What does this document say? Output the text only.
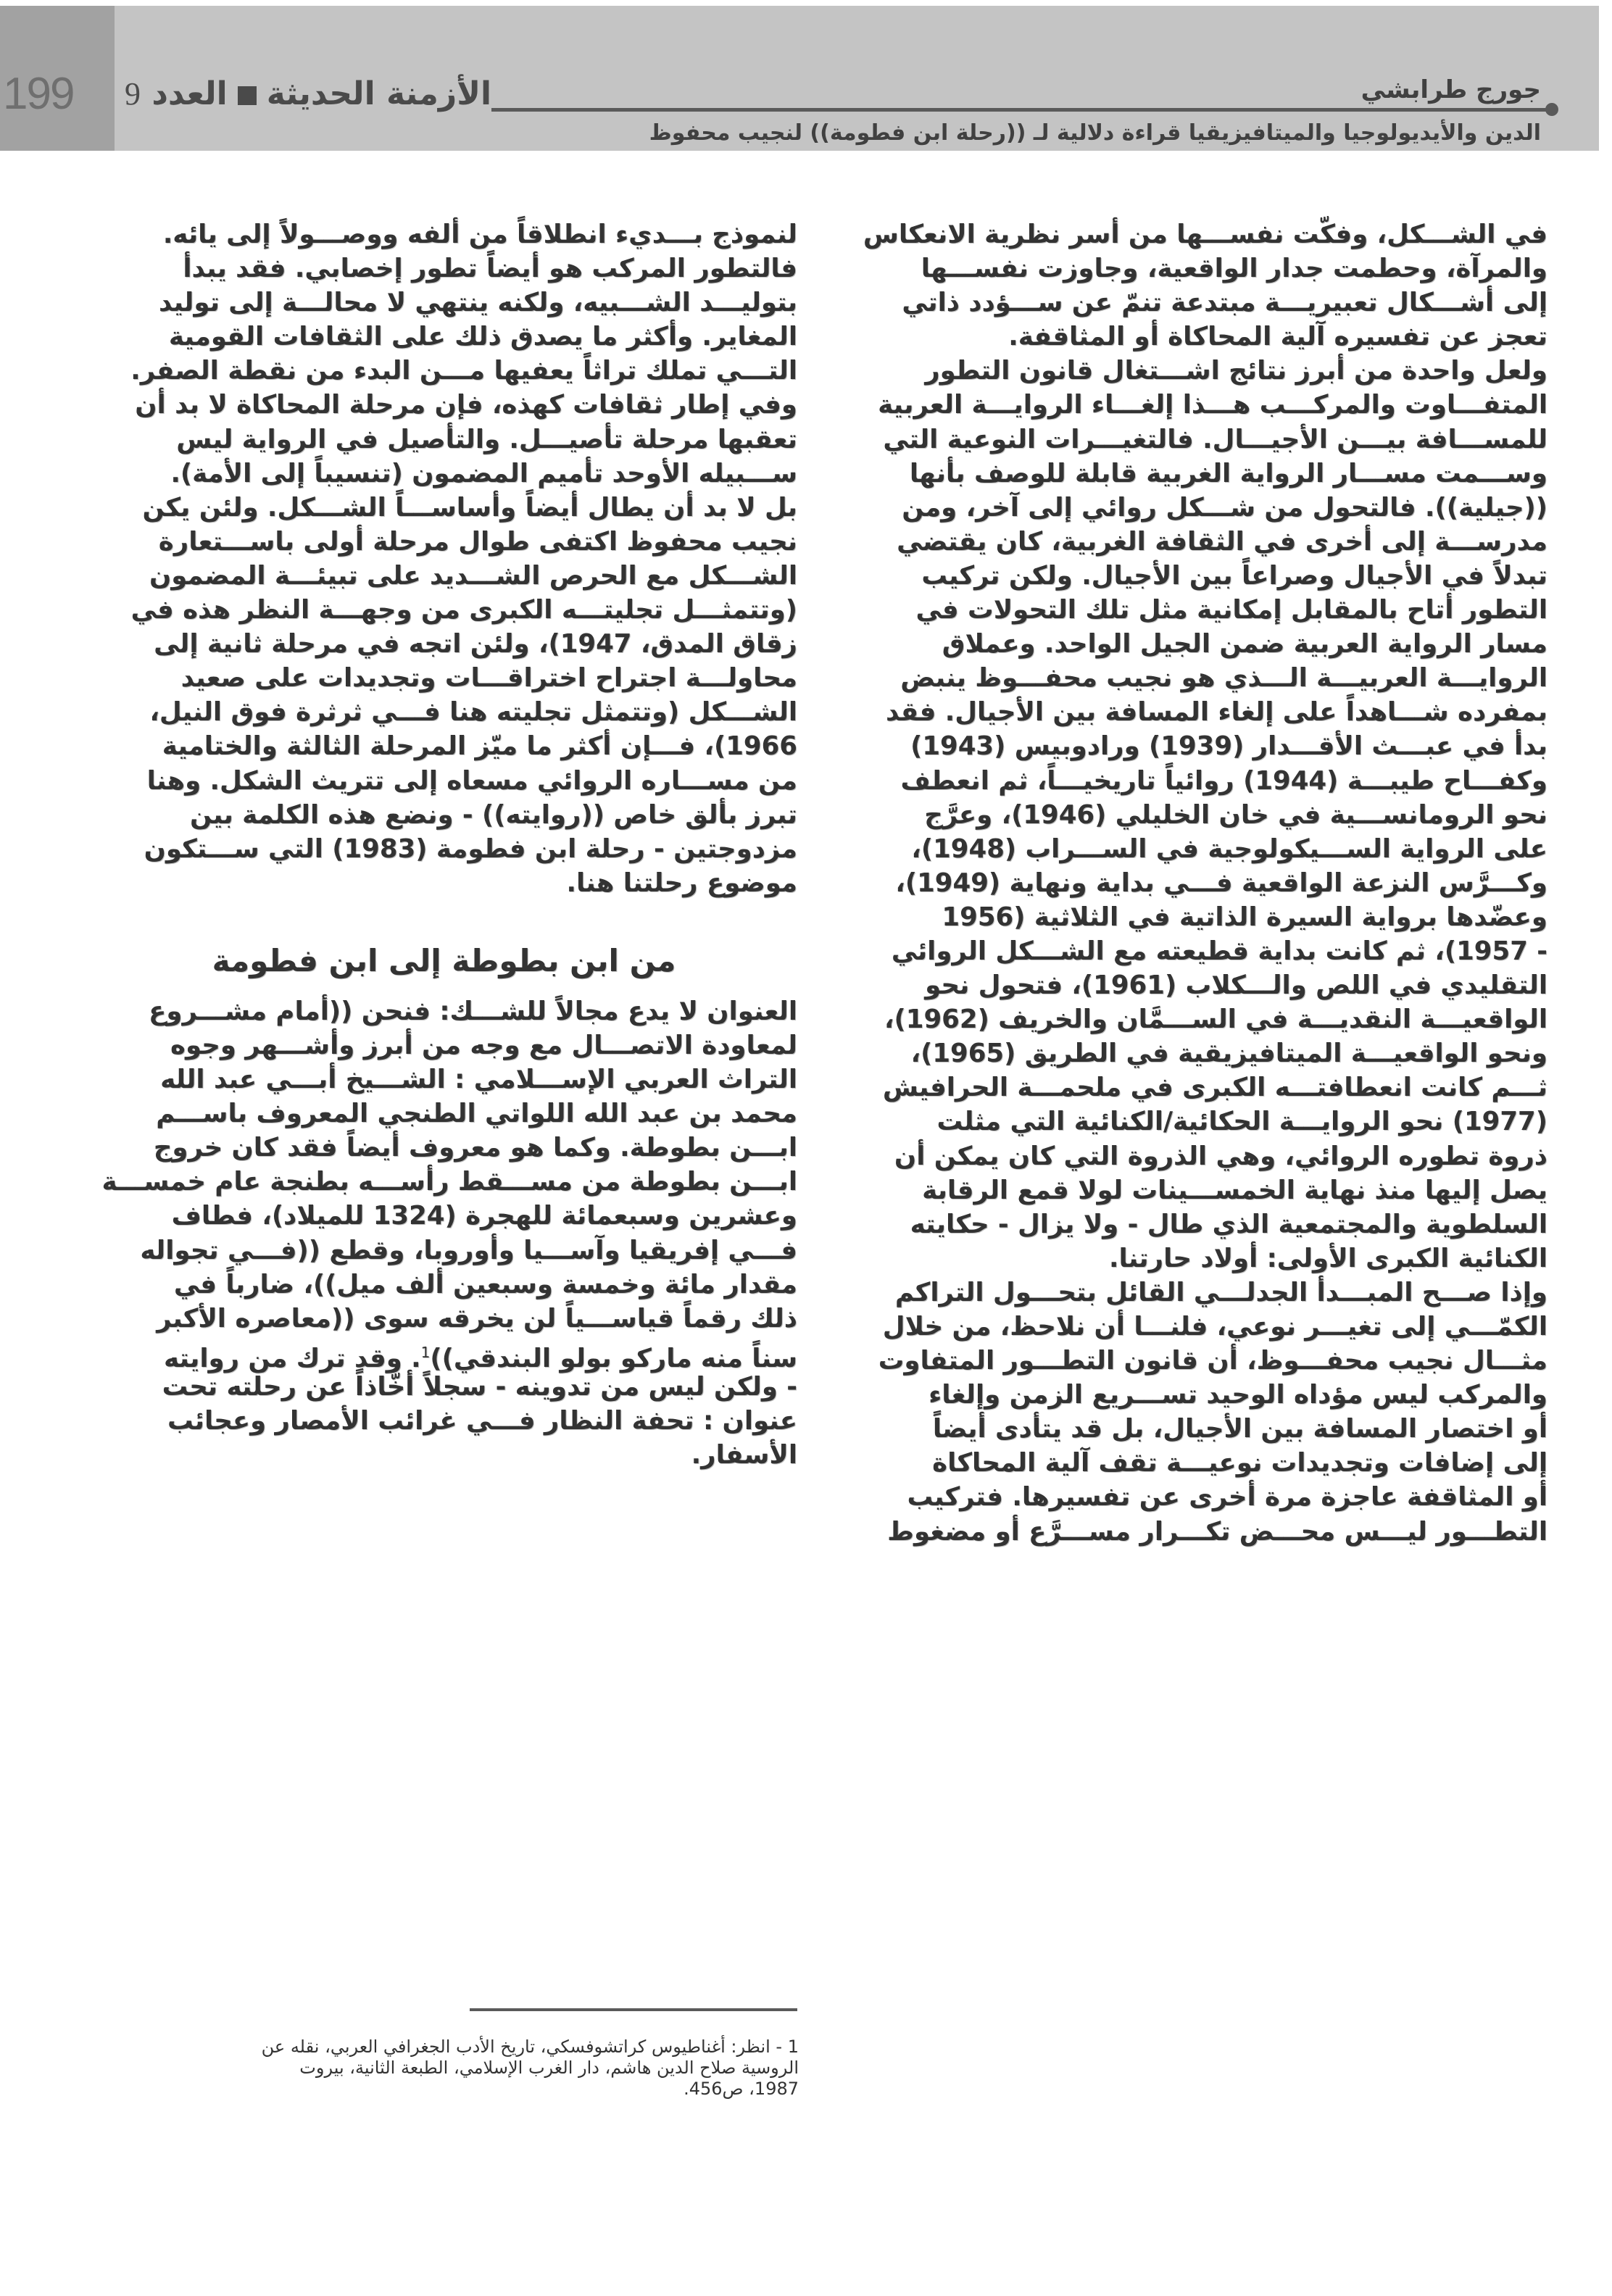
199	الأزمنة الحديثةالعدد 9	جورج طرابشي
الدين والأيديولوجيا والميتافيزيقيا قراءة دلالية لـ ((رحلة ابن فطومة)) لنجيب محفوظ
في الشـــكل، وفكّت نفســـها من أسر نظرية الانعكاس
والمرآة، وحطمت جدار الواقعية، وجاوزت نفســـها
إلى أشـــكال تعبيريـــة مبتدعة تنمّ عن ســـؤدد ذاتي
تعجز عن تفسيره آلية المحاكاة أو المثاقفة.
ولعل واحدة من أبرز نتائج اشـــتغال قانون التطور
المتفـــاوت والمركـــب هـــذا إلغـــاء الروايـــة العربية
للمســـافة بيـــن الأجيـــال. فالتغيـــرات النوعية التي
وســـمت مســـار الرواية الغربية قابلة للوصف بأنها
((جيلية)). فالتحول من شـــكل روائي إلى آخر، ومن
مدرســـة إلى أخرى في الثقافة الغربية، كان يقتضي
تبدلاً في الأجيال وصراعاً بين الأجيال. ولكن تركيب
التطور أتاح بالمقابل إمكانية مثل تلك التحولات في
مسار الرواية العربية ضمن الجيل الواحد. وعملاق
الروايـــة العربيـــة الـــذي هو نجيب محفـــوظ ينبض
بمفرده شـــاهداً على إلغاء المسافة بين الأجيال. فقد
بدأ في عبـــث الأقـــدار (1939) ورادوبيس (1943)
وكفـــاح طيبـــة (1944) روائياً تاريخيـــاً، ثم انعطف
نحو الرومانســـية في خان الخليلي (1946)، وعرَّج
على الرواية الســـيكولوجية في الســـراب (1948)،
وكـــرَّس النزعة الواقعية فـــي بداية ونهاية (1949)،
وعضّدها برواية السيرة الذاتية في الثلاثية (1956
- 1957)، ثم كانت بداية قطيعته مع الشـــكل الروائي
التقليدي في اللص والـــكلاب (1961)، فتحول نحو
الواقعيـــة النقديـــة في الســـمَّان والخريف (1962)،
ونحو الواقعيـــة الميتافيزيقية في الطريق (1965)،
ثـــم كانت انعطافتـــه الكبرى في ملحمـــة الحرافيش
(1977) نحو الروايـــة الحكائية/الكنائية التي مثلت
ذروة تطوره الروائي، وهي الذروة التي كان يمكن أن
يصل إليها منذ نهاية الخمســـينات لولا قمع الرقابة
السلطوية والمجتمعية الذي طال - ولا يزال - حكايته
الكنائية الكبرى الأولى: أولاد حارتنا.
وإذا صـــح المبـــدأ الجدلـــي القائل بتحـــول التراكم
الكمّـــي إلى تغيـــر نوعي، فلنـــا أن نلاحظ، من خلال
مثـــال نجيب محفـــوظ، أن قانون التطـــور المتفاوت
والمركب ليس مؤداه الوحيد تســـريع الزمن وإلغاء
أو اختصار المسافة بين الأجيال، بل قد يتأدى أيضاً
إلى إضافات وتجديدات نوعيـــة تقف آلية المحاكاة
أو المثاقفة عاجزة مرة أخرى عن تفسيرها. فتركيب
التطـــور ليـــس محـــض تكـــرار مســـرَّع أو مضغوط
لنموذج بـــديء انطلاقاً من ألفه ووصـــولاً إلى يائه.
فالتطور المركب هو أيضاً تطور إخصابي. فقد يبدأ
بتوليـــد الشـــبيه، ولكنه ينتهي لا محالـــة إلى توليد
المغاير. وأكثر ما يصدق ذلك على الثقافات القومية
التـــي تملك تراثاً يعفيها مـــن البدء من نقطة الصفر.
وفي إطار ثقافات كهذه، فإن مرحلة المحاكاة لا بد أن
تعقبها مرحلة تأصيـــل. والتأصيل في الرواية ليس
ســـبيله الأوحد تأميم المضمون (تنسيباً إلى الأمة).
بل لا بد أن يطال أيضاً وأساســـاً الشـــكل. ولئن يكن
نجيب محفوظ اكتفى طوال مرحلة أولى باســـتعارة
الشـــكل مع الحرص الشـــديد على تبيئـــة المضمون
(وتتمثـــل تجليتـــه الكبرى من وجهـــة النظر هذه في
زقاق المدق، 1947)، ولئن اتجه في مرحلة ثانية إلى
محاولـــة اجتراح اختراقـــات وتجديدات على صعيد
الشـــكل (وتتمثل تجليته هنا فـــي ثرثرة فوق النيل،
1966)، فـــإن أكثر ما ميّز المرحلة الثالثة والختامية
من مســـاره الروائي مسعاه إلى تتريث الشكل. وهنا
تبرز بألق خاص ((روايته)) - ونضع هذه الكلمة بين
مزدوجتين - رحلة ابن فطومة (1983) التي ســـتكون
موضوع رحلتنا هنا.
من ابن بطوطة إلى ابن فطومة
العنوان لا يدع مجالاً للشـــك: فنحن ((أمام مشـــروع
لمعاودة الاتصـــال مع وجه من أبرز وأشـــهر وجوه
التراث العربي الإســـلامي : الشـــيخ أبـــي عبد الله
محمد بن عبد الله اللواتي الطنجي المعروف باســـم
ابـــن بطوطة. وكما هو معروف أيضاً فقد كان خروج
ابـــن بطوطة من مســـقط رأســـه بطنجة عام خمســـة
وعشرين وسبعمائة للهجرة (1324 للميلاد)، فطاف
فـــي إفريقيا وآســـيا وأوروبا، وقطع ((فـــي تجواله
مقدار مائة وخمسة وسبعين ألف ميل))، ضارباً في
ذلك رقماً قياســـياً لن يخرقه سوى ((معاصره الأكبر
سناً منه ماركو بولو البندقي))$^1$. وقد ترك من روايته
- ولكن ليس من تدوينه - سجلاً أخّاذاً عن رحلته تحت
عنوان : تحفة النظار فـــي غرائب الأمصار وعجائب
الأسفار.
1 - انظر: أغناطيوس كراتشوفسكي، تاريخ الأدب الجغرافي العربي، نقله عن
الروسية صلاح الدين هاشم، دار الغرب الإسلامي، الطبعة الثانية، بيروت
1987، ص456.
